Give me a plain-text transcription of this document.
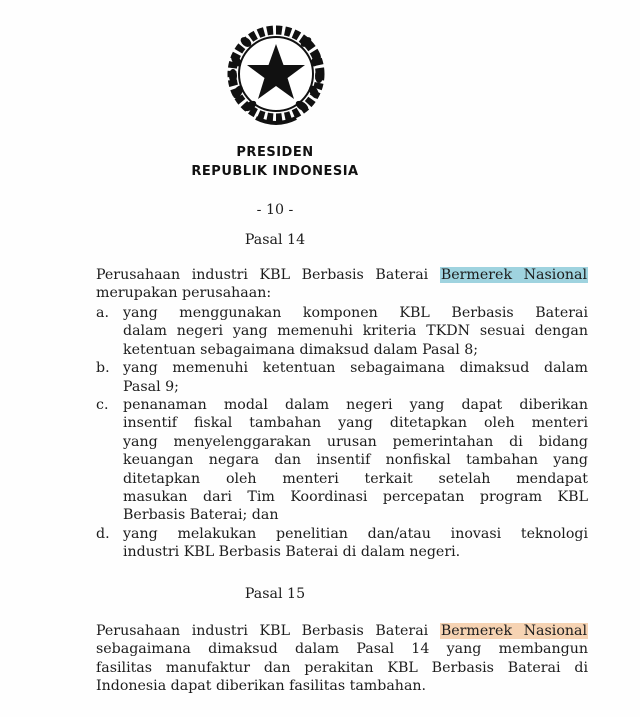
PRESIDEN
REPUBLIK INDONESIA
- 10 -
Pasal 14
Perusahaan industri KBL Berbasis Baterai Bermerek Nasional
merupakan perusahaan:
a. yang menggunakan komponen KBL Berbasis Baterai
dalam negeri yang memenuhi kriteria TKDN sesuai dengan
ketentuan sebagaimana dimaksud dalam Pasal 8;
b. yang memenuhi ketentuan sebagaimana dimaksud dalam
Pasal 9;
c. penanaman modal dalam negeri yang dapat diberikan
insentif fiskal tambahan yang ditetapkan oleh menteri
yang menyelenggarakan urusan pemerintahan di bidang
keuangan negara dan insentif nonfiskal tambahan yang
ditetapkan oleh menteri terkait setelah mendapat
masukan dari Tim Koordinasi percepatan program KBL
Berbasis Baterai; dan
d. yang melakukan penelitian dan/atau inovasi teknologi
industri KBL Berbasis Baterai di dalam negeri.
Pasal 15
Perusahaan industri KBL Berbasis Baterai Bermerek Nasional
sebagaimana dimaksud dalam Pasal 14 yang membangun
fasilitas manufaktur dan perakitan KBL Berbasis Baterai di
Indonesia dapat diberikan fasilitas tambahan.
